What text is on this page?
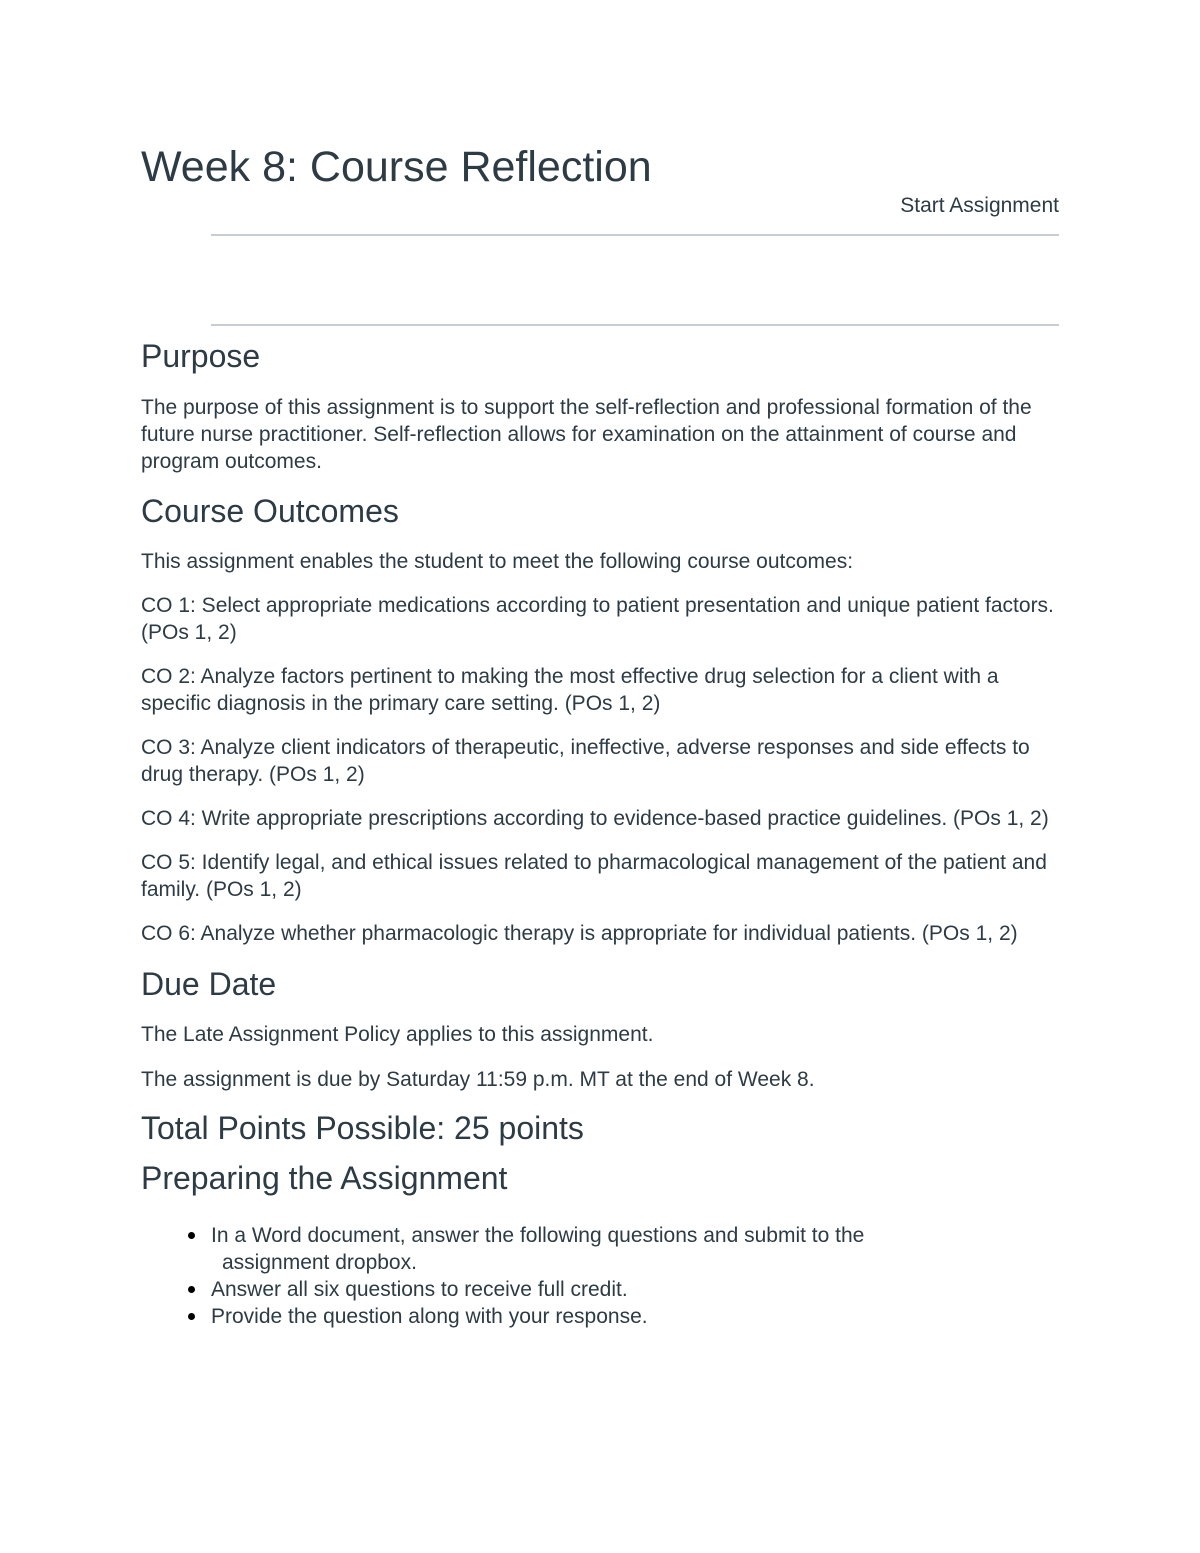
Week 8: Course Reflection
Start Assignment
Purpose

The purpose of this assignment is to support the self-reflection and professional formation of the future nurse practitioner. Self-reflection allows for examination on the attainment of course and program outcomes.

Course Outcomes

This assignment enables the student to meet the following course outcomes:

CO 1: Select appropriate medications according to patient presentation and unique patient factors. (POs 1, 2)

CO 2: Analyze factors pertinent to making the most effective drug selection for a client with a specific diagnosis in the primary care setting. (POs 1, 2)

CO 3: Analyze client indicators of therapeutic, ineffective, adverse responses and side effects to drug therapy. (POs 1, 2)

CO 4: Write appropriate prescriptions according to evidence-based practice guidelines. (POs 1, 2)

CO 5: Identify legal, and ethical issues related to pharmacological management of the patient and family. (POs 1, 2)

CO 6: Analyze whether pharmacologic therapy is appropriate for individual patients. (POs 1, 2)

Due Date

The Late Assignment Policy applies to this assignment.

The assignment is due by Saturday 11:59 p.m. MT at the end of Week 8.

Total Points Possible: 25 points
Preparing the Assignment
In a Word document, answer the following questions and submit to the
assignment dropbox.
Answer all six questions to receive full credit.
Provide the question along with your response.
